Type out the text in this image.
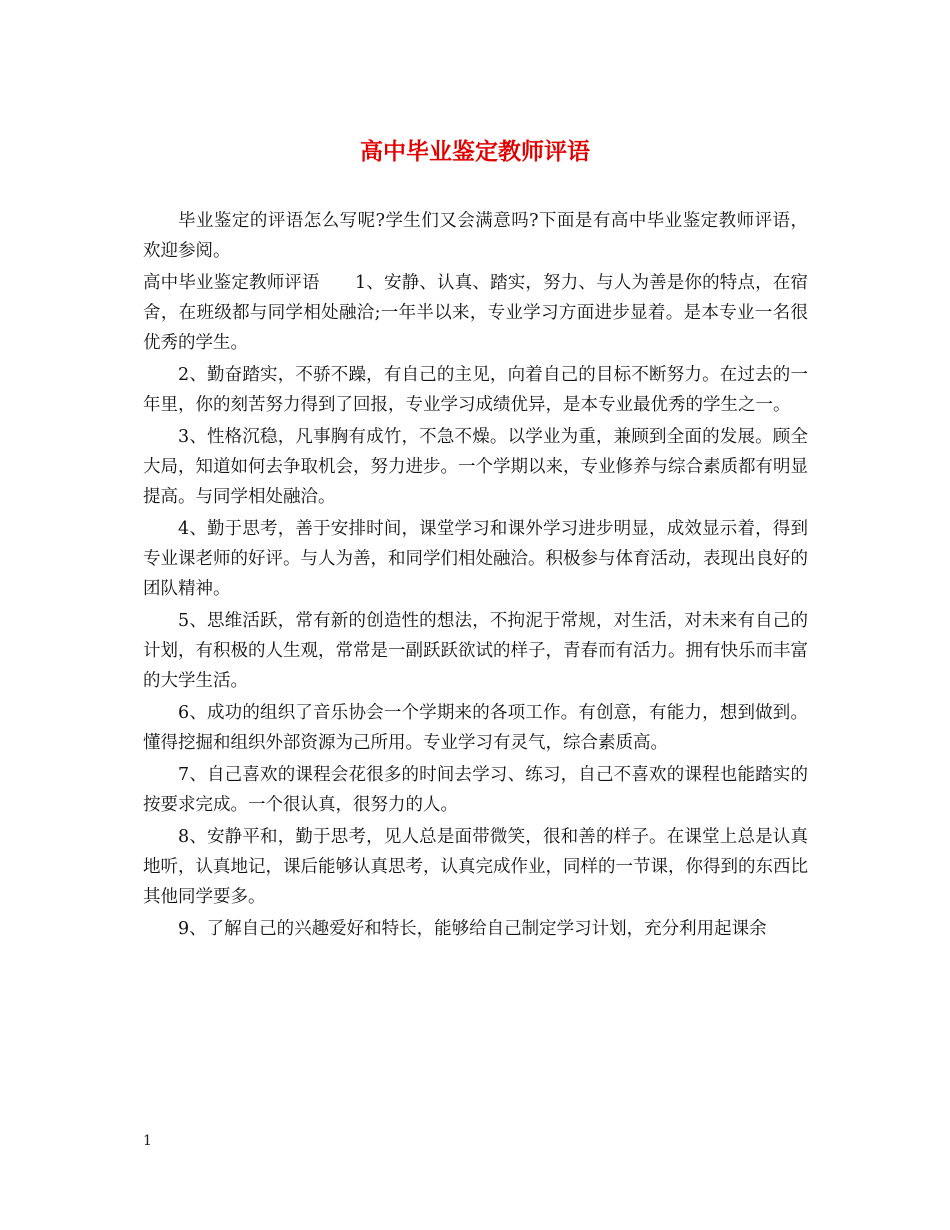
高中毕业鉴定教师评语

毕业鉴定的评语怎么写呢?学生们又会满意吗?下面是有高中毕业鉴定教师评语，欢迎参阅。

高中毕业鉴定教师评语　　1、安静、认真、踏实，努力、与人为善是你的特点，在宿舍，在班级都与同学相处融洽;一年半以来，专业学习方面进步显着。是本专业一名很优秀的学生。

2、勤奋踏实，不骄不躁，有自己的主见，向着自己的目标不断努力。在过去的一年里，你的刻苦努力得到了回报，专业学习成绩优异，是本专业最优秀的学生之一。

3、性格沉稳，凡事胸有成竹，不急不燥。以学业为重，兼顾到全面的发展。顾全大局，知道如何去争取机会，努力进步。一个学期以来，专业修养与综合素质都有明显提高。与同学相处融洽。

4、勤于思考，善于安排时间，课堂学习和课外学习进步明显，成效显示着，得到专业课老师的好评。与人为善，和同学们相处融洽。积极参与体育活动，表现出良好的团队精神。

5、思维活跃，常有新的创造性的想法，不拘泥于常规，对生活，对未来有自己的计划，有积极的人生观，常常是一副跃跃欲试的样子，青春而有活力。拥有快乐而丰富的大学生活。

6、成功的组织了音乐协会一个学期来的各项工作。有创意，有能力，想到做到。懂得挖掘和组织外部资源为己所用。专业学习有灵气，综合素质高。

7、自己喜欢的课程会花很多的时间去学习、练习，自己不喜欢的课程也能踏实的按要求完成。一个很认真，很努力的人。

8、安静平和，勤于思考，见人总是面带微笑，很和善的样子。在课堂上总是认真地听，认真地记，课后能够认真思考，认真完成作业，同样的一节课，你得到的东西比其他同学要多。

9、了解自己的兴趣爱好和特长，能够给自己制定学习计划，充分利用起课余

1
